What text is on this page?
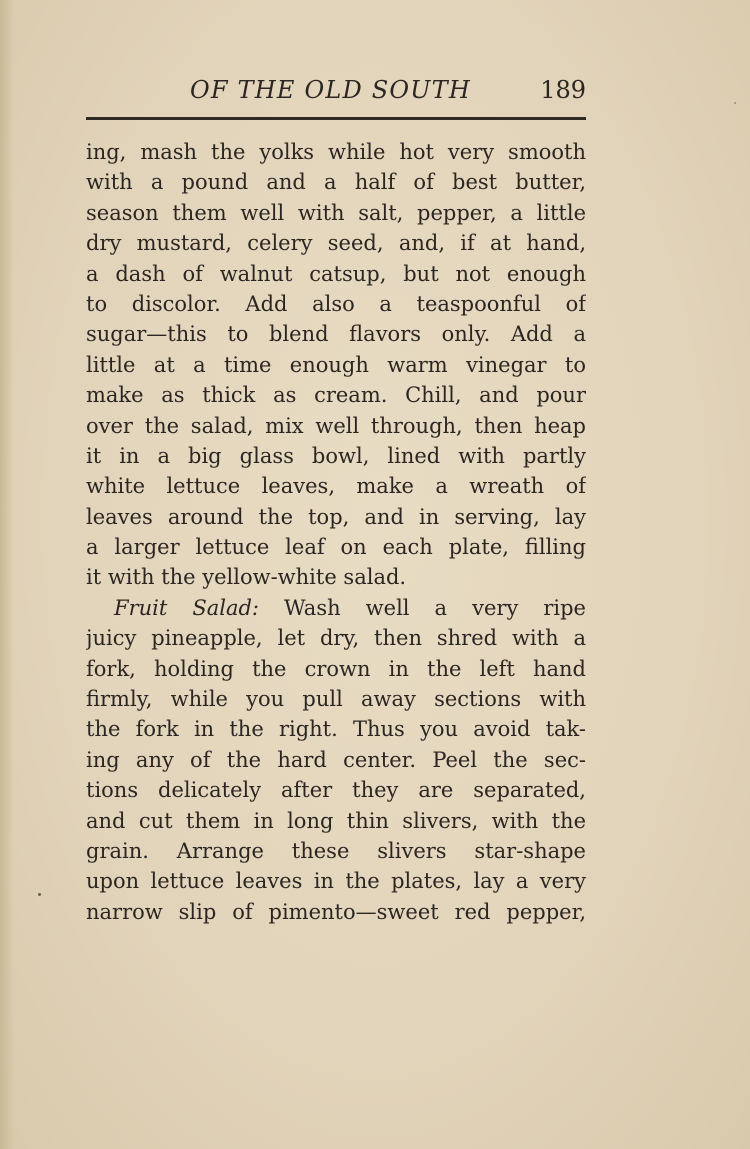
OF THE OLD SOUTH	189
ing, mash the yolks while hot very smooth
with a pound and a half of best butter,
season them well with salt, pepper, a little
dry mustard, celery seed, and, if at hand,
a dash of walnut catsup, but not enough
to discolor. Add also a teaspoonful of
sugar—this to blend flavors only. Add a
little at a time enough warm vinegar to
make as thick as cream. Chill, and pour
over the salad, mix well through, then heap
it in a big glass bowl, lined with partly
white lettuce leaves, make a wreath of
leaves around the top, and in serving, lay
a larger lettuce leaf on each plate, filling
it with the yellow-white salad.
Fruit Salad: Wash well a very ripe
juicy pineapple, let dry, then shred with a
fork, holding the crown in the left hand
firmly, while you pull away sections with
the fork in the right. Thus you avoid tak-
ing any of the hard center. Peel the sec-
tions delicately after they are separated,
and cut them in long thin slivers, with the
grain. Arrange these slivers star-shape
upon lettuce leaves in the plates, lay a very
narrow slip of pimento—sweet red pepper,
